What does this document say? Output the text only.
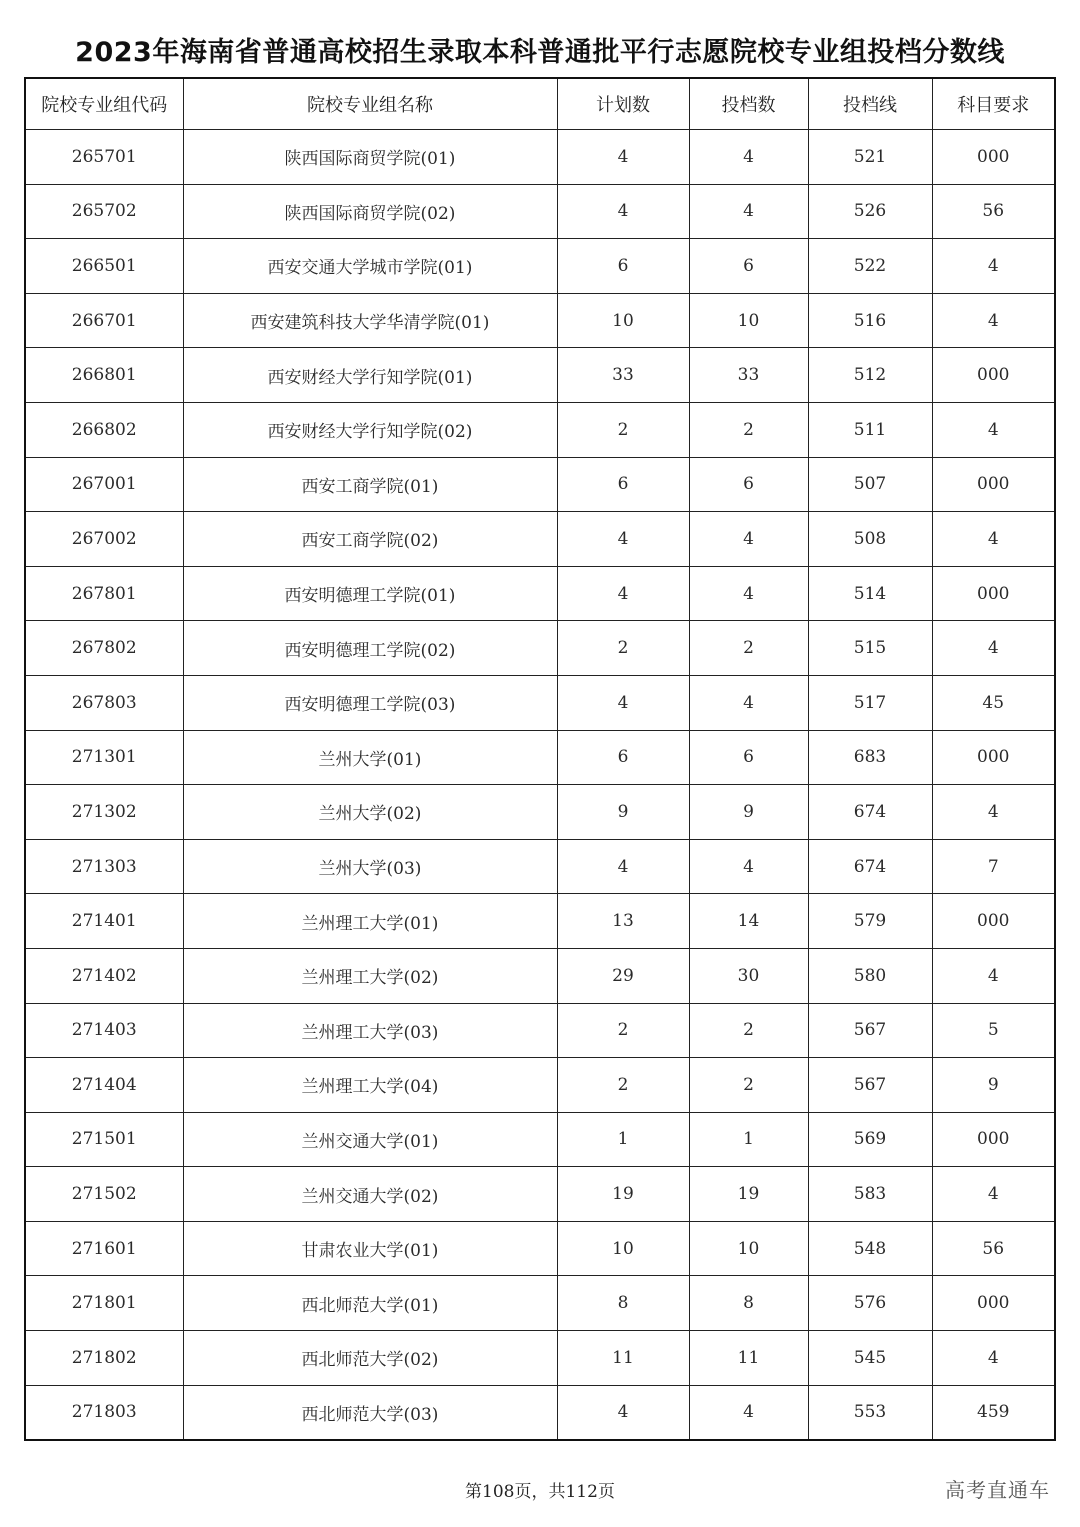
2023年海南省普通高校招生录取本科普通批平行志愿院校专业组投档分数线
院校专业组代码	院校专业组名称	计划数	投档数	投档线	科目要求
265701	陕西国际商贸学院(01)	4	4	521	000
265702	陕西国际商贸学院(02)	4	4	526	56
266501	西安交通大学城市学院(01)	6	6	522	4
266701	西安建筑科技大学华清学院(01)	10	10	516	4
266801	西安财经大学行知学院(01)	33	33	512	000
266802	西安财经大学行知学院(02)	2	2	511	4
267001	西安工商学院(01)	6	6	507	000
267002	西安工商学院(02)	4	4	508	4
267801	西安明德理工学院(01)	4	4	514	000
267802	西安明德理工学院(02)	2	2	515	4
267803	西安明德理工学院(03)	4	4	517	45
271301	兰州大学(01)	6	6	683	000
271302	兰州大学(02)	9	9	674	4
271303	兰州大学(03)	4	4	674	7
271401	兰州理工大学(01)	13	14	579	000
271402	兰州理工大学(02)	29	30	580	4
271403	兰州理工大学(03)	2	2	567	5
271404	兰州理工大学(04)	2	2	567	9
271501	兰州交通大学(01)	1	1	569	000
271502	兰州交通大学(02)	19	19	583	4
271601	甘肃农业大学(01)	10	10	548	56
271801	西北师范大学(01)	8	8	576	000
271802	西北师范大学(02)	11	11	545	4
271803	西北师范大学(03)	4	4	553	459
第108页，共112页	高考直通车
